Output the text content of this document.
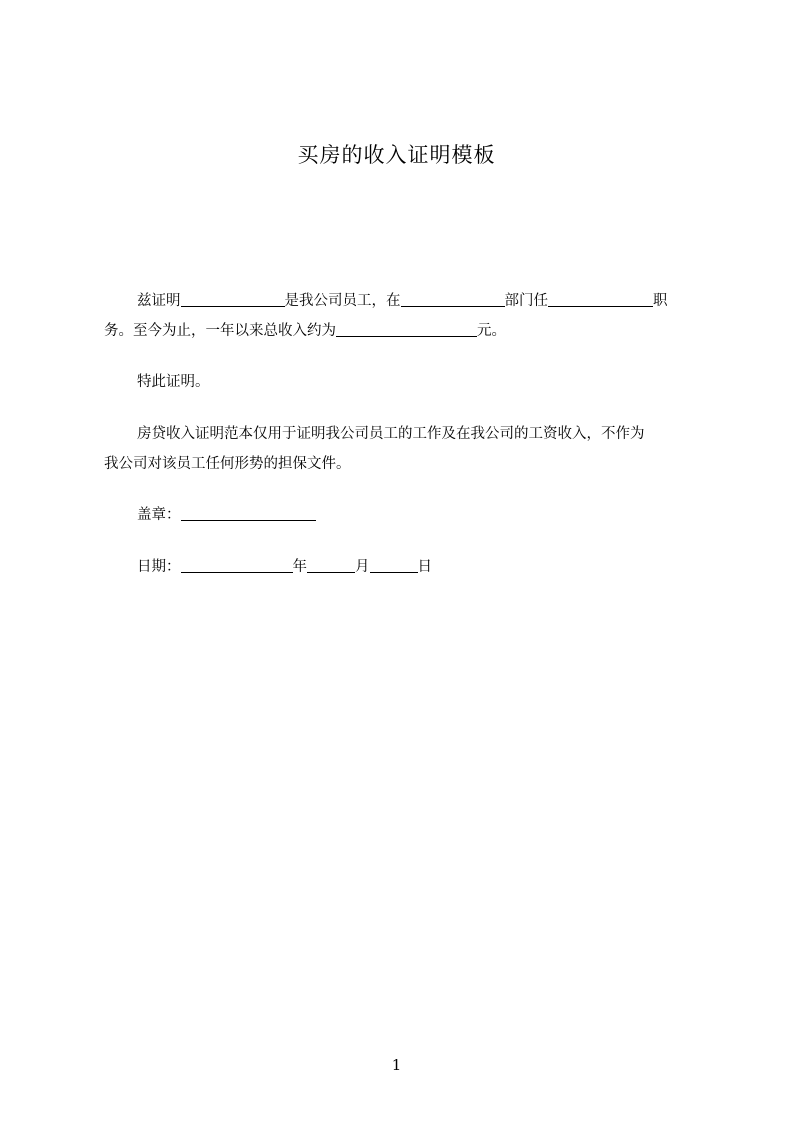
买房的收入证明模板
兹证明	是我公司员工，在	部门任	职
务。至今为止，一年以来总收入约为	元。
特此证明。
房贷收入证明范本仅用于证明我公司员工的工作及在我公司的工资收入，不作为
我公司对该员工任何形势的担保文件。
盖章：
日期：	年	月	日
1
